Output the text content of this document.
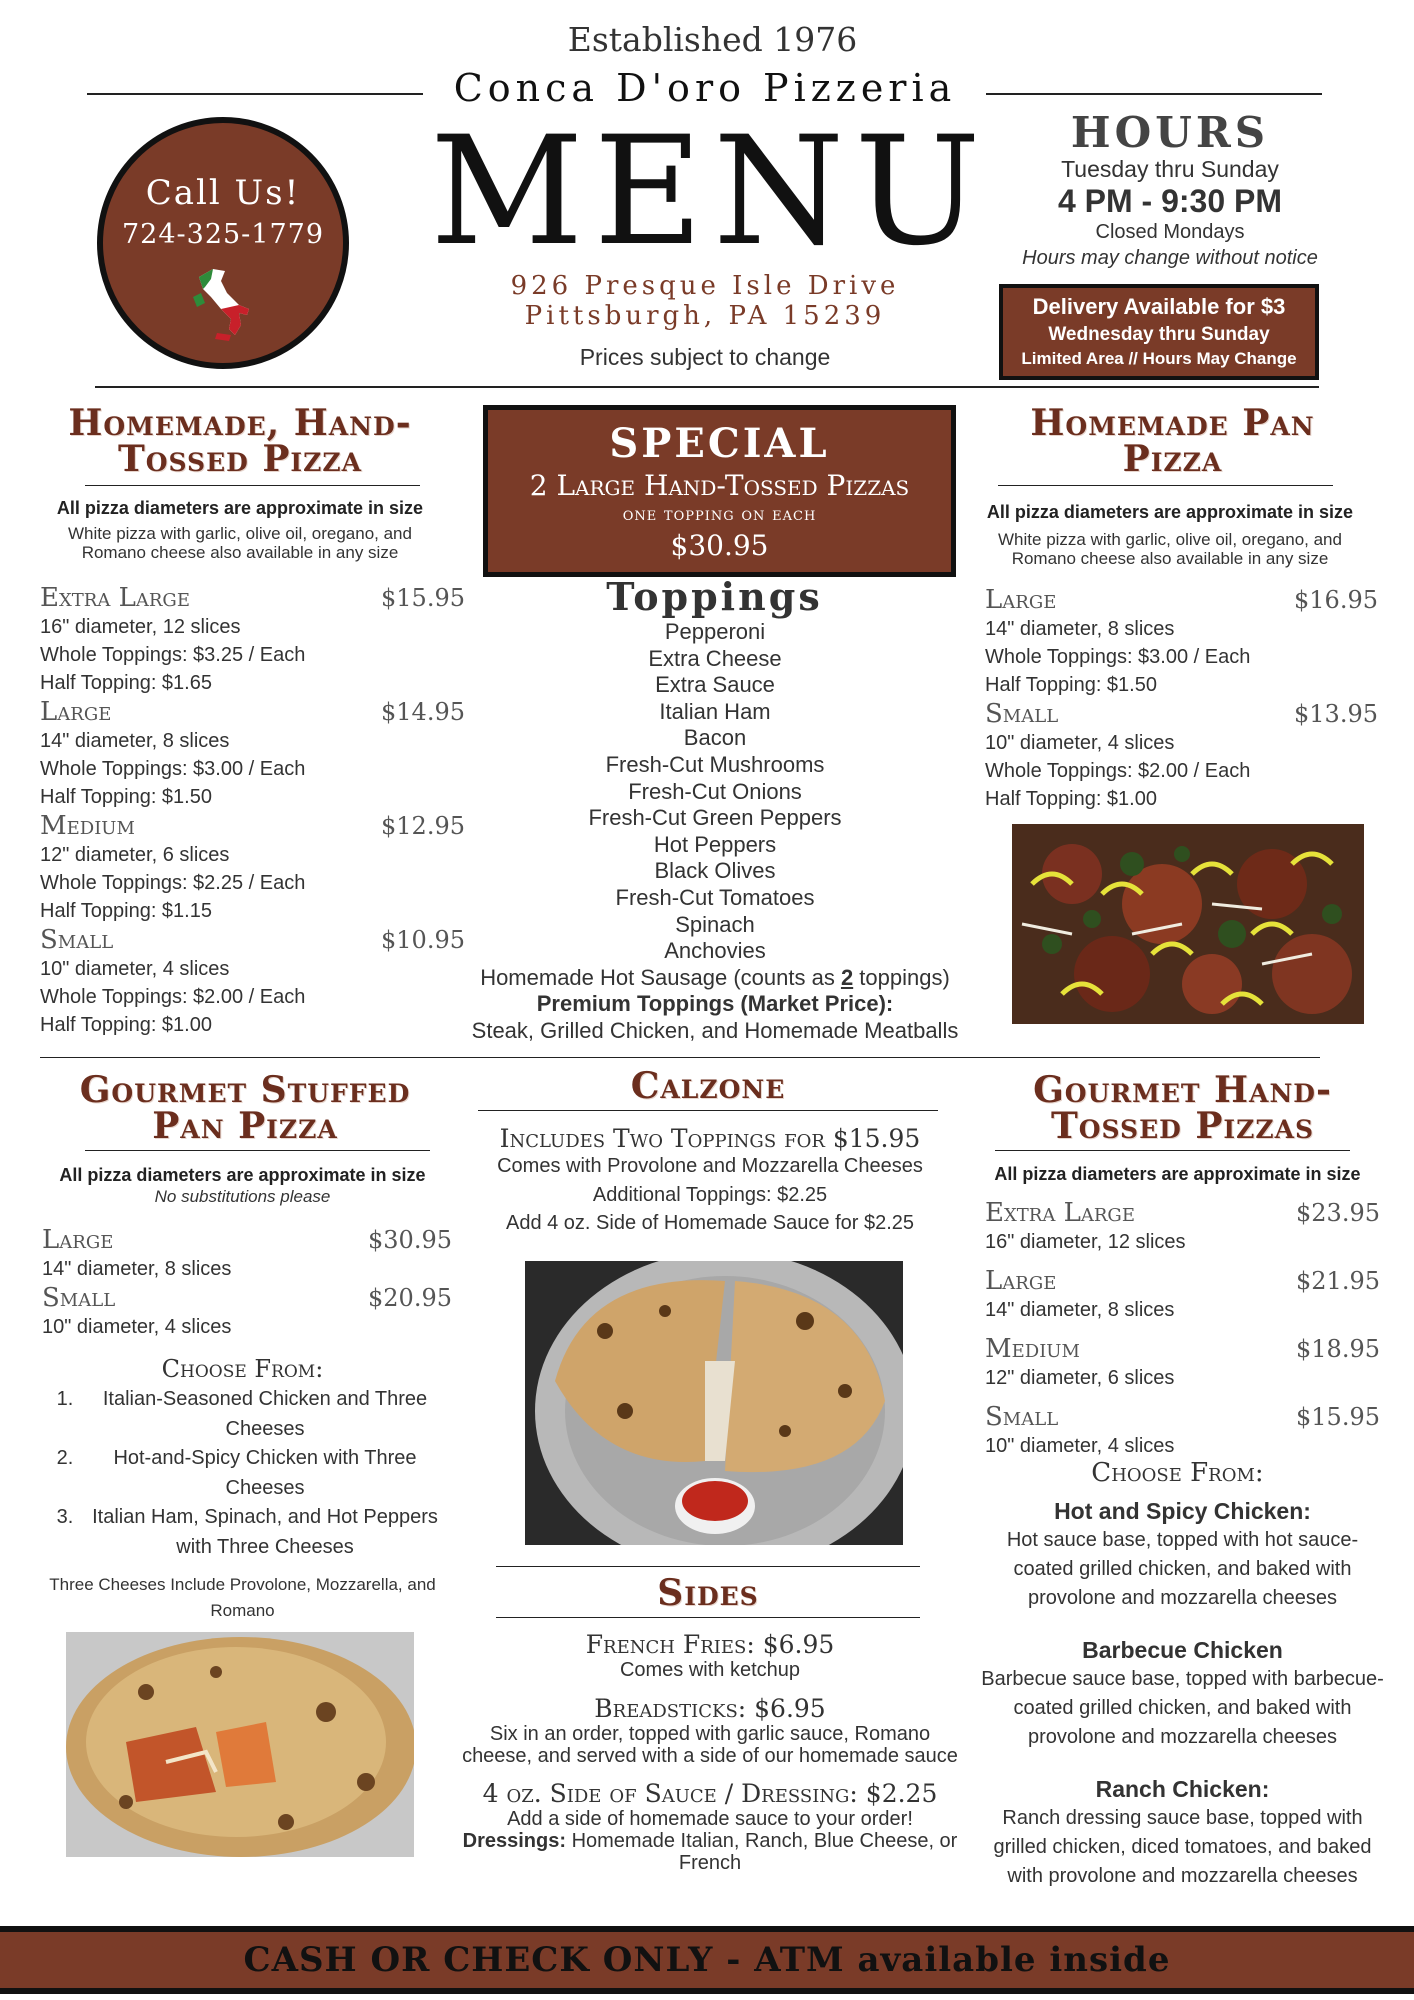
Established 1976
Conca D'oro Pizzeria
MENU
926 Presque Isle Drive
Pittsburgh, PA 15239
Prices subject to change
Call Us!
724-325-1779
HOURS
Tuesday thru Sunday
4 PM - 9:30 PM
Closed Mondays
Hours may change without notice
Delivery Available for $3
Wednesday thru Sunday
Limited Area // Hours May Change
Homemade, Hand-Tossed Pizza
All pizza diameters are approximate in size
White pizza with garlic, olive oil, oregano, and Romano cheese also available in any size
Extra Large	$15.95
16" diameter, 12 slices
Whole Toppings: $3.25 / Each
Half Topping: $1.65
Large	$14.95
14" diameter, 8 slices
Whole Toppings: $3.00 / Each
Half Topping: $1.50
Medium	$12.95
12" diameter, 6 slices
Whole Toppings: $2.25 / Each
Half Topping: $1.15
Small	$10.95
10" diameter, 4 slices
Whole Toppings: $2.00 / Each
Half Topping: $1.00
SPECIAL
2 Large Hand-Tossed Pizzas
one topping on each
$30.95
Toppings
Pepperoni
Extra Cheese
Extra Sauce
Italian Ham
Bacon
Fresh-Cut Mushrooms
Fresh-Cut Onions
Fresh-Cut Green Peppers
Hot Peppers
Black Olives
Fresh-Cut Tomatoes
Spinach
Anchovies
Homemade Hot Sausage (counts as 2 toppings)
Premium Toppings (Market Price):
Steak, Grilled Chicken, and Homemade Meatballs
Homemade Pan Pizza
All pizza diameters are approximate in size
White pizza with garlic, olive oil, oregano, and Romano cheese also available in any size
Large	$16.95
14" diameter, 8 slices
Whole Toppings: $3.00 / Each
Half Topping: $1.50
Small	$13.95
10" diameter, 4 slices
Whole Toppings: $2.00 / Each
Half Topping: $1.00
Gourmet Stuffed Pan Pizza
All pizza diameters are approximate in size
No substitutions please
Large	$30.95
14" diameter, 8 slices
Small	$20.95
10" diameter, 4 slices
Choose From:
1.	Italian-Seasoned Chicken and Three Cheeses
2.	Hot-and-Spicy Chicken with Three Cheeses
3. Italian Ham, Spinach, and Hot Peppers with Three Cheeses
Three Cheeses Include Provolone, Mozzarella, and Romano
Calzone
Includes Two Toppings for $15.95
Comes with Provolone and Mozzarella Cheeses
Additional Toppings: $2.25
Add 4 oz. Side of Homemade Sauce for $2.25
Sides
French Fries: $6.95
Comes with ketchup
Breadsticks: $6.95
Six in an order, topped with garlic sauce, Romano cheese, and served with a side of our homemade sauce
4 oz. Side of Sauce / Dressing: $2.25
Add a side of homemade sauce to your order!
Dressings: Homemade Italian, Ranch, Blue Cheese, or French
Gourmet Hand-Tossed Pizzas
All pizza diameters are approximate in size
Extra Large	$23.95
16" diameter, 12 slices
Large	$21.95
14" diameter, 8 slices
Medium	$18.95
12" diameter, 6 slices
Small	$15.95
10" diameter, 4 slices
Choose From:
Hot and Spicy Chicken:
Hot sauce base, topped with hot sauce-coated grilled chicken, and baked with provolone and mozzarella cheeses
Barbecue Chicken
Barbecue sauce base, topped with barbecue-coated grilled chicken, and baked with provolone and mozzarella cheeses
Ranch Chicken:
Ranch dressing sauce base, topped with grilled chicken, diced tomatoes, and baked with provolone and mozzarella cheeses
CASH OR CHECK ONLY - ATM available inside
